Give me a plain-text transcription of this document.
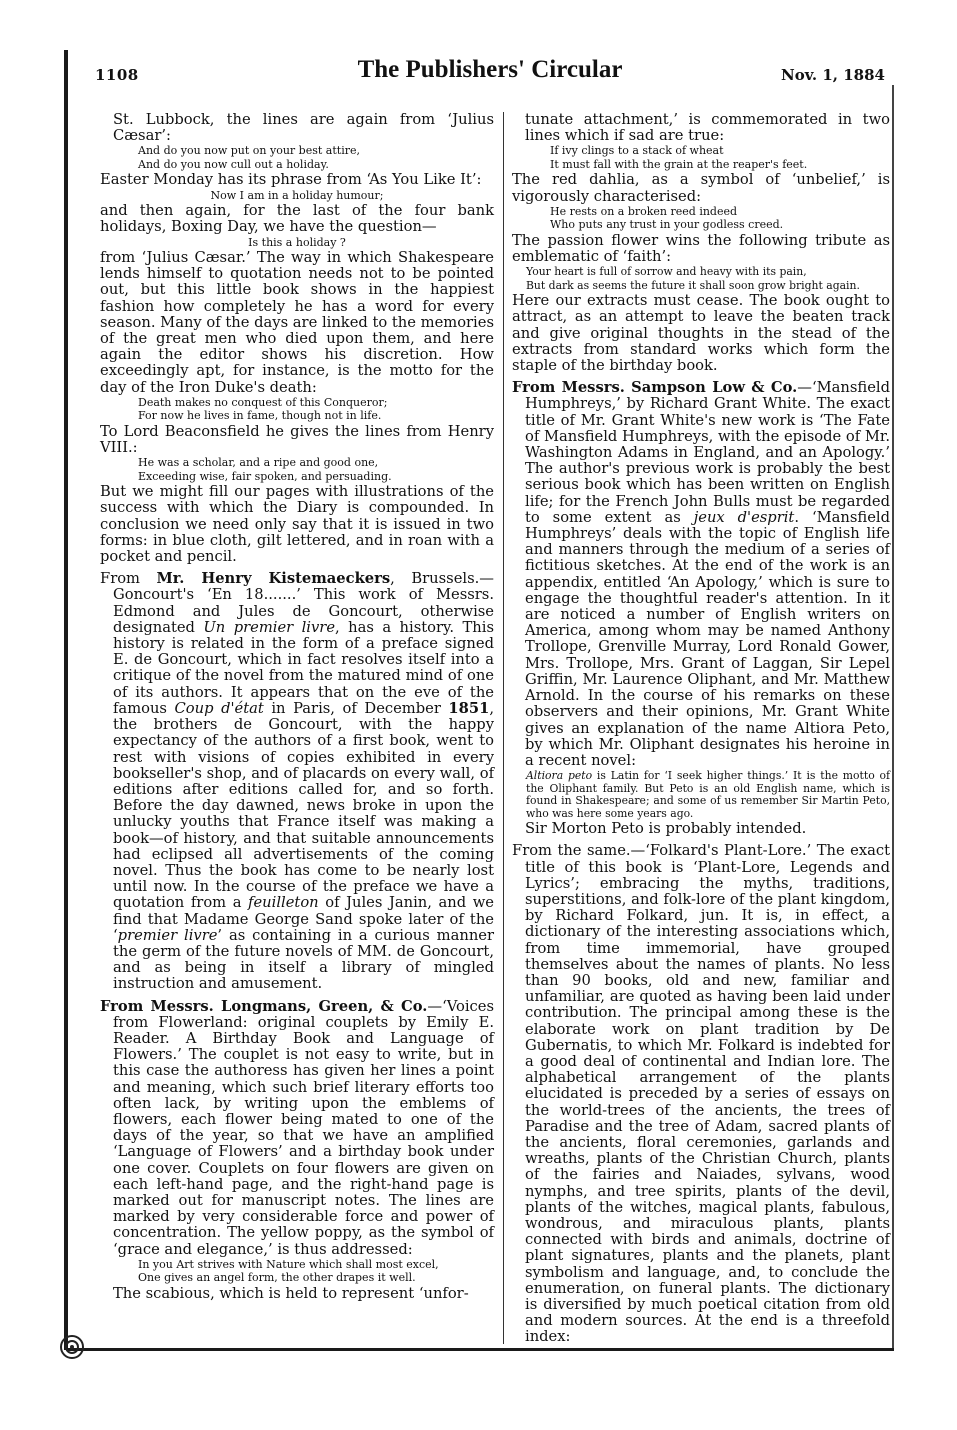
1108	The Publishers' Circular	Nov. 1, 1884

St. Lubbock, the lines are again from ‘Julius Cæsar’:

And do you now put on your best attire,
And do you now cull out a holiday.

Easter Monday has its phrase from ‘As You Like It’:

Now I am in a holiday humour;

and then again, for the last of the four bank holidays, Boxing Day, we have the question—

Is this a holiday ?

from ‘Julius Cæsar.’ The way in which Shakespeare lends himself to quotation needs not to be pointed out, but this little book shows in the happiest fashion how completely he has a word for every season. Many of the days are linked to the memories of the great men who died upon them, and here again the editor shows his discretion. How exceedingly apt, for instance, is the motto for the day of the Iron Duke's death:

Death makes no conquest of this Conqueror;
For now he lives in fame, though not in life.

To Lord Beaconsfield he gives the lines from Henry VIII.:

He was a scholar, and a ripe and good one,
Exceeding wise, fair spoken, and persuading.

But we might fill our pages with illustrations of the success with which the Diary is compounded. In conclusion we need only say that it is issued in two forms: in blue cloth, gilt lettered, and in roan with a pocket and pencil.

From Mr. Henry Kistemaeckers, Brussels.—Goncourt's ‘En 18.......’ This work of Messrs. Edmond and Jules de Goncourt, otherwise designated Un premier livre, has a history. This history is related in the form of a preface signed E. de Goncourt, which in fact resolves itself into a critique of the novel from the matured mind of one of its authors. It appears that on the eve of the famous Coup d'état in Paris, of December 1851, the brothers de Goncourt, with the happy expectancy of the authors of a first book, went to rest with visions of copies exhibited in every bookseller's shop, and of placards on every wall, of editions after editions called for, and so forth. Before the day dawned, news broke in upon the unlucky youths that France itself was making a book—of history, and that suitable announcements had eclipsed all advertisements of the coming novel. Thus the book has come to be nearly lost until now. In the course of the preface we have a quotation from a feuilleton of Jules Janin, and we find that Madame George Sand spoke later of the ‘premier livre’ as containing in a curious manner the germ of the future novels of MM. de Goncourt, and as being in itself a library of mingled instruction and amusement.

From Messrs. Longmans, Green, & Co.—‘Voices from Flowerland: original couplets by Emily E. Reader. A Birthday Book and Language of Flowers.’ The couplet is not easy to write, but in this case the authoress has given her lines a point and meaning, which such brief literary efforts too often lack, by writing upon the emblems of flowers, each flower being mated to one of the days of the year, so that we have an amplified ‘Language of Flowers’ and a birthday book under one cover. Couplets on four flowers are given on each left-hand page, and the right-hand page is marked out for manuscript notes. The lines are marked by very considerable force and power of concentration. The yellow poppy, as the symbol of ‘grace and elegance,’ is thus addressed:

In you Art strives with Nature which shall most excel,
One gives an angel form, the other drapes it well.

The scabious, which is held to represent ‘unfor-

tunate attachment,’ is commemorated in two lines which if sad are true:

If ivy clings to a stack of wheat
It must fall with the grain at the reaper's feet.

The red dahlia, as a symbol of ‘unbelief,’ is vigorously characterised:

He rests on a broken reed indeed
Who puts any trust in your godless creed.

The passion flower wins the following tribute as emblematic of ‘faith’:

Your heart is full of sorrow and heavy with its pain,
But dark as seems the future it shall soon grow bright again.

Here our extracts must cease. The book ought to attract, as an attempt to leave the beaten track and give original thoughts in the stead of the extracts from standard works which form the staple of the birthday book.

From Messrs. Sampson Low & Co.—‘Mansfield Humphreys,’ by Richard Grant White. The exact title of Mr. Grant White's new work is ‘The Fate of Mansfield Humphreys, with the episode of Mr. Washington Adams in England, and an Apology.’ The author's previous work is probably the best serious book which has been written on English life; for the French John Bulls must be regarded to some extent as jeux d'esprit. ‘Mansfield Humphreys’ deals with the topic of English life and manners through the medium of a series of fictitious sketches. At the end of the work is an appendix, entitled ‘An Apology,’ which is sure to engage the thoughtful reader's attention. In it are noticed a number of English writers on America, among whom may be named Anthony Trollope, Grenville Murray, Lord Ronald Gower, Mrs. Trollope, Mrs. Grant of Laggan, Sir Lepel Griffin, Mr. Laurence Oliphant, and Mr. Matthew Arnold. In the course of his remarks on these observers and their opinions, Mr. Grant White gives an explanation of the name Altiora Peto, by which Mr. Oliphant designates his heroine in a recent novel:

Altiora peto is Latin for ‘I seek higher things.’ It is the motto of the Oliphant family. But Peto is an old English name, which is found in Shakespeare; and some of us remember Sir Martin Peto, who was here some years ago.

Sir Morton Peto is probably intended.

From the same.—‘Folkard's Plant-Lore.’ The exact title of this book is ‘Plant-Lore, Legends and Lyrics’; embracing the myths, traditions, superstitions, and folk-lore of the plant kingdom, by Richard Folkard, jun. It is, in effect, a dictionary of the interesting associations which, from time immemorial, have grouped themselves about the names of plants. No less than 90 books, old and new, familiar and unfamiliar, are quoted as having been laid under contribution. The principal among these is the elaborate work on plant tradition by De Gubernatis, to which Mr. Folkard is indebted for a good deal of continental and Indian lore. The alphabetical arrangement of the plants elucidated is preceded by a series of essays on the world-trees of the ancients, the trees of Paradise and the tree of Adam, sacred plants of the ancients, floral ceremonies, garlands and wreaths, plants of the Christian Church, plants of the fairies and Naiades, sylvans, wood nymphs, and tree spirits, plants of the devil, plants of the witches, magical plants, fabulous, wondrous, and miraculous plants, plants connected with birds and animals, doctrine of plant signatures, plants and the planets, plant symbolism and language, and, to conclude the enumeration, on funeral plants. The dictionary is diversified by much poetical citation from old and modern sources. At the end is a threefold index:
